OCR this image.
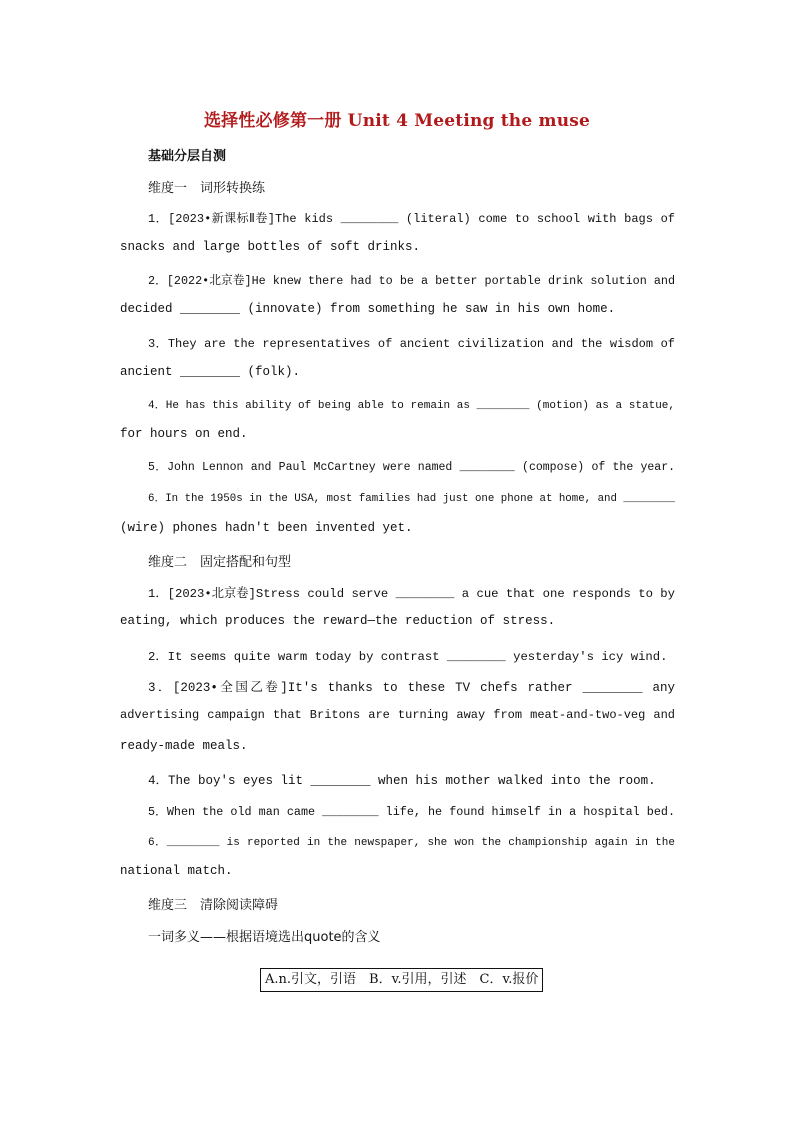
选择性必修第一册 Unit 4 Meeting the muse
基础分层自测
维度一　词形转换练
1．[2023•新课标Ⅱ卷]The kids ________ (literal) come to school with bags of
snacks and large bottles of soft drinks.
2．[2022•北京卷]He knew there had to be a better portable drink solution and
decided ________ (innovate) from something he saw in his own home.
3．They are the representatives of ancient civilization and the wisdom of
ancient ________ (folk).
4．He has this ability of being able to remain as ________ (motion) as a statue,
for hours on end.
5．John Lennon and Paul McCartney were named ________ (compose) of the year.
6．In the 1950s in the USA, most families had just one phone at home, and ________
(wire) phones hadn't been invented yet.
维度二　固定搭配和句型
1．[2023•北京卷]Stress could serve ________ a cue that one responds to by
eating, which produces the reward—the reduction of stress.
2．It seems quite warm today by contrast ________ yesterday's icy wind.
3．[2023•全国乙卷]It's thanks to these TV chefs rather ________ any
advertising campaign that Britons are turning away from meat-and-two-veg and
ready-made meals.
4．The boy's eyes lit ________ when his mother walked into the room.
5．When the old man came ________ life, he found himself in a hospital bed.
6．________ is reported in the newspaper, she won the championship again in the
national match.
维度三　清除阅读障碍
一词多义——根据语境选出quote的含义
A.n.引文，引语　B．v.引用，引述　C．v.报价
